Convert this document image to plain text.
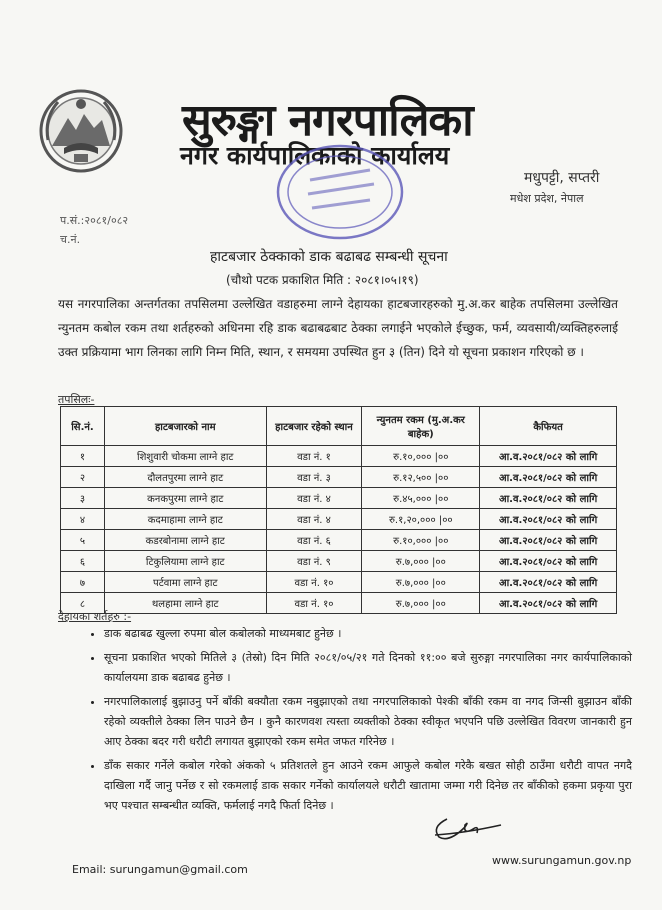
सुरुङ्गा नगरपालिका
नगर कार्यपालिकाको कार्यालय
मधुपट्टी, सप्तरी
मधेश प्रदेश, नेपाल
प.सं.:२०८१/०८२
च.नं.
हाटबजार ठेक्काको डाक बढाबढ सम्बन्धी सूचना
(चौथो पटक प्रकाशित मिति : २०८१।०५।१९)
यस नगरपालिका अन्तर्गतका तपसिलमा उल्लेखित वडाहरुमा लाग्ने देहायका हाटबजारहरुको मु.अ.कर बाहेक तपसिलमा उल्लेखित न्युनतम कबोल रकम तथा शर्तहरुको अधिनमा रहि डाक बढाबढबाट ठेक्का लगाईने भएकोले ईच्छुक, फर्म, व्यवसायी/व्यक्तिहरुलाई उक्त प्रक्रियामा भाग लिनका लागि निम्न मिति, स्थान, र समयमा उपस्थित हुन ३ (तिन) दिने यो सूचना प्रकाशन गरिएको छ ।
तपसिलः-
सि.नं.	हाटबजारको नाम	हाटबजार रहेको स्थान	न्युनतम रकम (मु.अ.कर बाहेक)	कैफियत
१	शिशुवारी चोकमा लाग्ने हाट	वडा नं. १	रु.१०,००० |००	आ.व.२०८१/०८२ को लागि
२	दौलतपुरमा लाग्ने हाट	वडा नं. ३	रु.१२,५०० |००	आ.व.२०८१/०८२ को लागि
३	कनकपुरमा लाग्ने हाट	वडा नं. ४	रु.४५,००० |००	आ.व.२०८१/०८२ को लागि
४	कदमाहामा लाग्ने हाट	वडा नं. ४	रु.१,२०,००० |००	आ.व.२०८१/०८२ को लागि
५	कडरबोनामा लाग्ने हाट	वडा नं. ६	रु.१०,००० |००	आ.व.२०८१/०८२ को लागि
६	टिकुलियामा लाग्ने हाट	वडा नं. ९	रु.७,००० |००	आ.व.२०८१/०८२ को लागि
७	पर्टवामा लाग्ने हाट	वडा नं. १०	रु.७,००० |००	आ.व.२०८१/०८२ को लागि
८	थलहामा लाग्ने हाट	वडा नं. १०	रु.७,००० |००	आ.व.२०८१/०८२ को लागि
देहायका शर्तहरु :-
• डाक बढाबढ खुल्ला रुपमा बोल कबोलको माध्यमबाट हुनेछ ।
• सूचना प्रकाशित भएको मितिले ३ (तेस्रो) दिन मिति २०८१/०५/२१ गते दिनको ११:०० बजे सुरुङ्गा नगरपालिका नगर कार्यपालिकाको कार्यालयमा डाक बढाबढ हुनेछ ।
• नगरपालिकालाई बुझाउनु पर्ने बाँकी बक्यौता रकम नबुझाएको तथा नगरपालिकाको पेश्की बाँकी रकम वा नगद जिन्सी बुझाउन बाँकी रहेको व्यक्तीले ठेक्का लिन पाउने छैन । कुनै कारणवश त्यस्ता व्यक्तीको ठेक्का स्वीकृत भएपनि पछि उल्लेखित विवरण जानकारी हुन आए ठेक्का बदर गरी धरौटी लगायत बुझाएको रकम समेत जफत गरिनेछ ।
• डाँक सकार गर्नेले कबोल गरेको अंकको ५ प्रतिशतले हुन आउने रकम आफुले कबोल गरेकै बखत सोही ठाउँमा धरौटी वापत नगदै दाखिला गर्दै जानु पर्नेछ र सो रकमलाई डाक सकार गर्नेको कार्यालयले धरौटी खातामा जम्मा गरी दिनेछ तर बाँकीको हकमा प्रकृया पुरा भए पश्चात सम्बन्धीत व्यक्ति, फर्मलाई नगदै फिर्ता दिनेछ ।
Email: surungamun@gmail.com
www.surungamun.gov.np
